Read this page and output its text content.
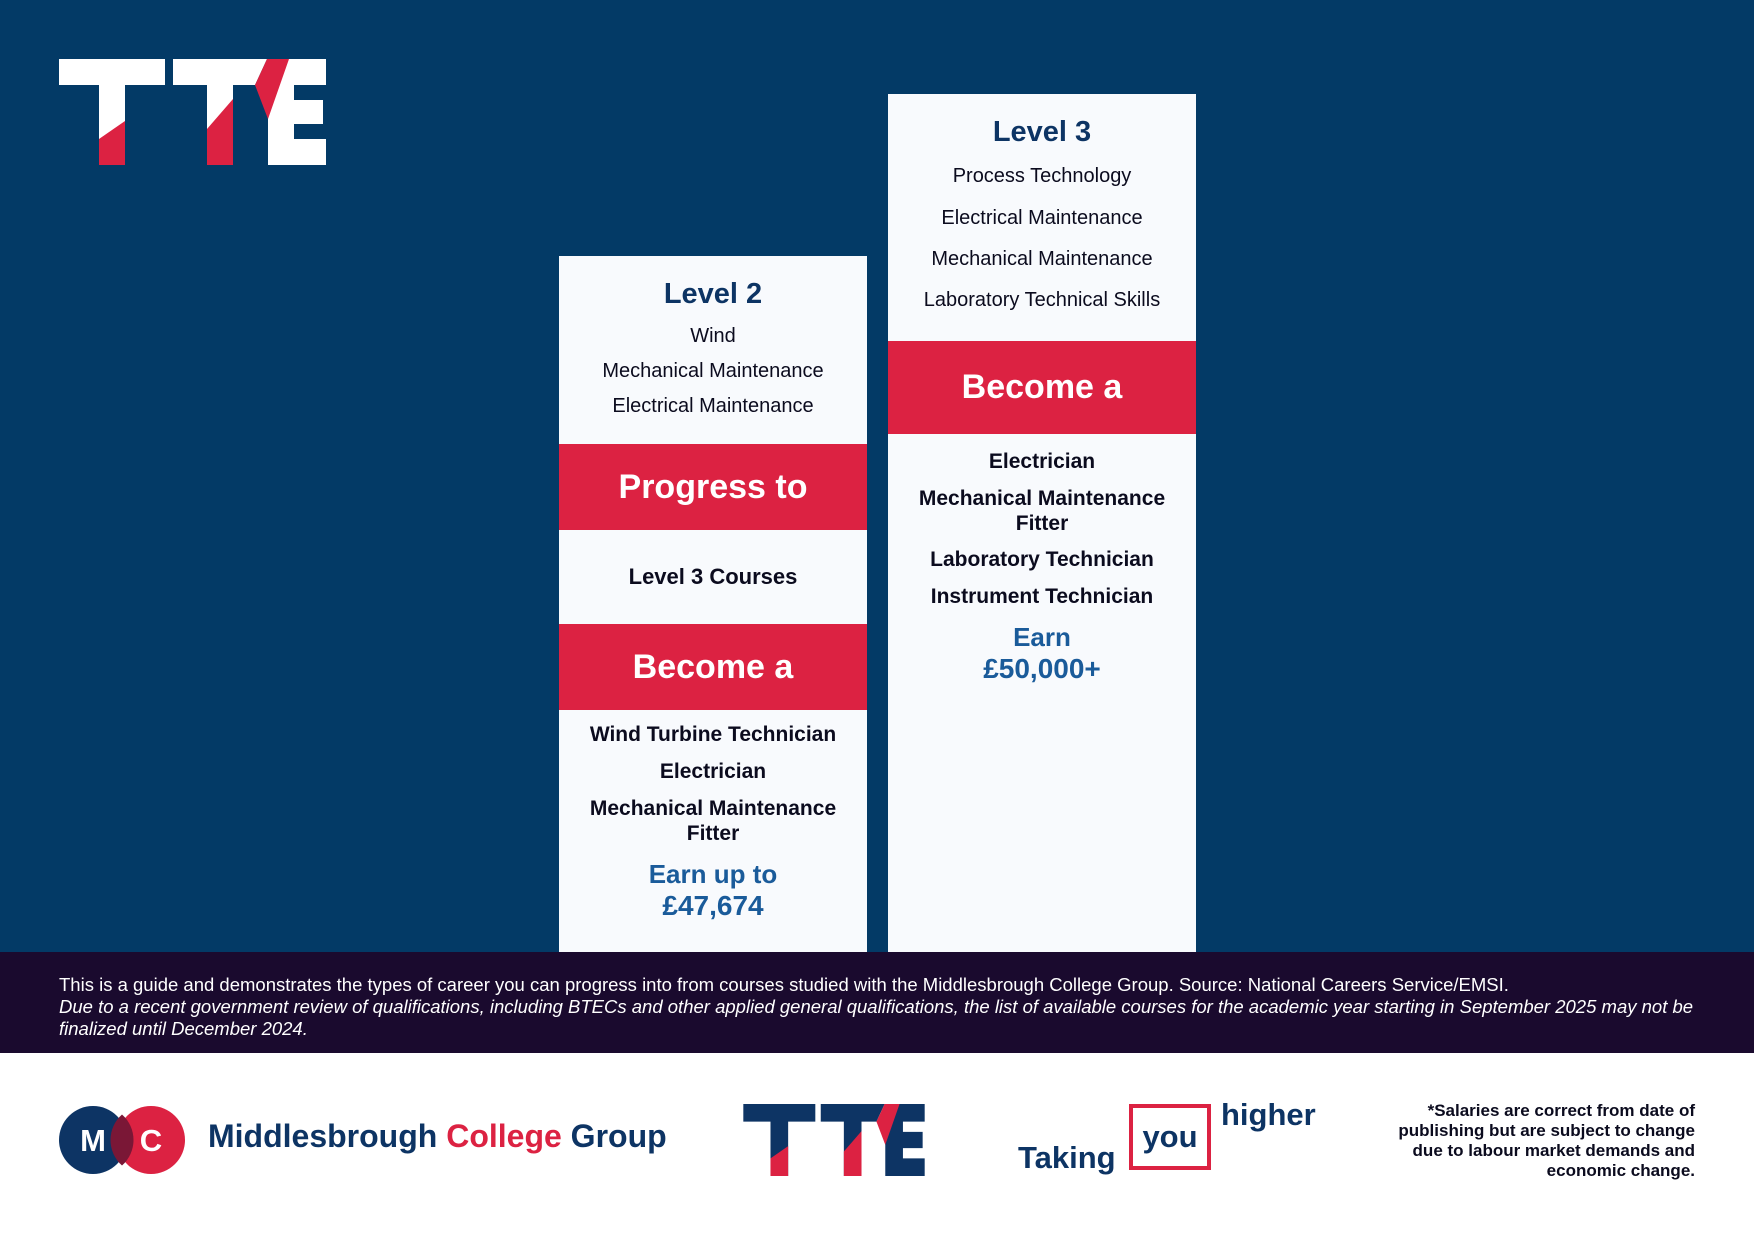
Level 2
Wind
Mechanical Maintenance
Electrical Maintenance
Progress to
Level 3 Courses
Become a
Wind Turbine Technician
Electrician
Mechanical Maintenance Fitter
Earn up to
£47,674
Level 3
Process Technology
Electrical Maintenance
Mechanical Maintenance
Laboratory Technical Skills
Become a
Electrician
Mechanical Maintenance Fitter
Laboratory Technician
Instrument Technician
Earn
£50,000+
This is a guide and demonstrates the types of career you can progress into from courses studied with the Middlesbrough College Group. Source: National Careers Service/EMSI.
Due to a recent government review of qualifications, including BTECs and other applied general qualifications, the list of available courses for the academic year starting in September 2025 may not be finalized until December 2024.
M C Middlesbrough College Group
Taking
you
higher	*Salaries are correct from date of publishing but are subject to change due to labour market demands and economic change.
